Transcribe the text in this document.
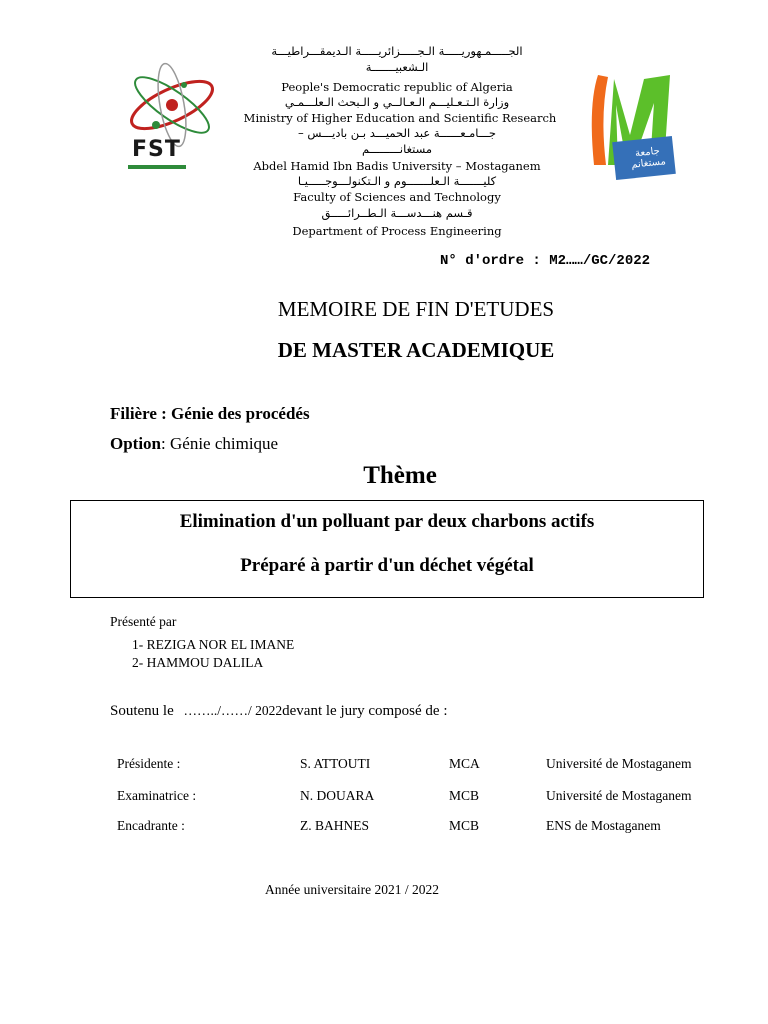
FST	جامعة مستغانم
الجـــــمـهوريـــــة الـجـــــزائريـــــة الـديمقـــراطيـــة
الـشعبيـــــــة
People's Democratic republic of Algeria
وزارة الـتـعـليـــم الـعـالــي و الـبحث الـعلـــمـي
Ministry of Higher Education and Scientific Research
جـــامـعــــــة عبد الحميـــد بـن باديـــس –
مستغانـــــــــم
Abdel Hamid Ibn Badis University – Mostaganem
كليـــــــة الـعلـــــــوم و الـتكنولـــوجـــــيـا
Faculty of Sciences and Technology
قـسم هنـــدســـة الـطــرائـــــق
Department of Process Engineering
N° d'ordre : M2……/GC/2022
MEMOIRE DE FIN D'ETUDES
DE MASTER ACADEMIQUE
Filière : Génie des procédés
Option: Génie chimique
Thème
Elimination d'un polluant par deux charbons actifs
Préparé à partir d'un déchet végétal
Présenté par
1- REZIGA NOR EL IMANE
2- HAMMOU DALILA
Soutenu le ……../……/ 2022devant le jury composé de :
Présidente :	S. ATTOUTI	MCA	Université de Mostaganem
Examinatrice :	N. DOUARA	MCB	Université de Mostaganem
Encadrante :	Z. BAHNES	MCB	ENS de Mostaganem
Année universitaire 2021 / 2022
